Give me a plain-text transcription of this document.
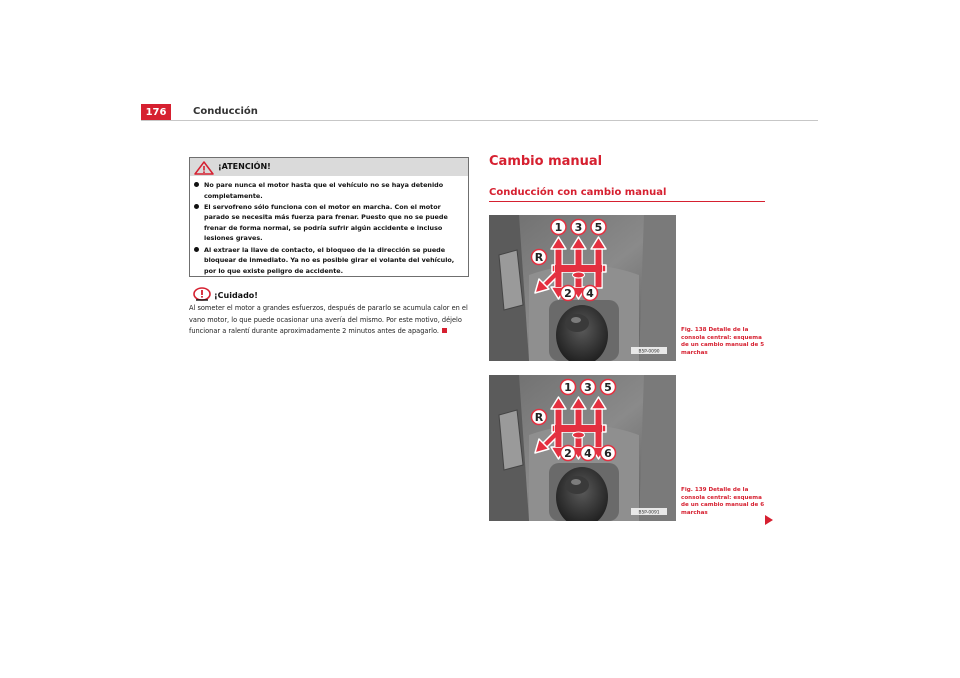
176	Conducción
¡ATENCIÓN!
No pare nunca el motor hasta que el vehículo no se haya detenido completamente.
El servofreno sólo funciona con el motor en marcha. Con el motor parado se necesita más fuerza para frenar. Puesto que no se puede frenar de forma normal, se podría sufrir algún accidente e incluso lesiones graves.
Al extraer la llave de contacto, el bloqueo de la dirección se puede bloquear de inmediato. Ya no es posible girar el volante del vehículo, por lo que existe peligro de accidente.
¡Cuidado!
Al someter el motor a grandes esfuerzos, después de pararlo se acumula calor en el vano motor, lo que puede ocasionar una avería del mismo. Por este motivo, déjelo funcionar a ralentí durante aproximadamente 2 minutos antes de apagarlo.
Cambio manual
Conducción con cambio manual
B5P-0090
R
1 3 5
2 4
Fig. 138 Detalle de la consola central: esquema de un cambio manual de 5 marchas
B5P-0091
R
1 3 5
2 4 6
Fig. 139 Detalle de la consola central: esquema de un cambio manual de 6 marchas
